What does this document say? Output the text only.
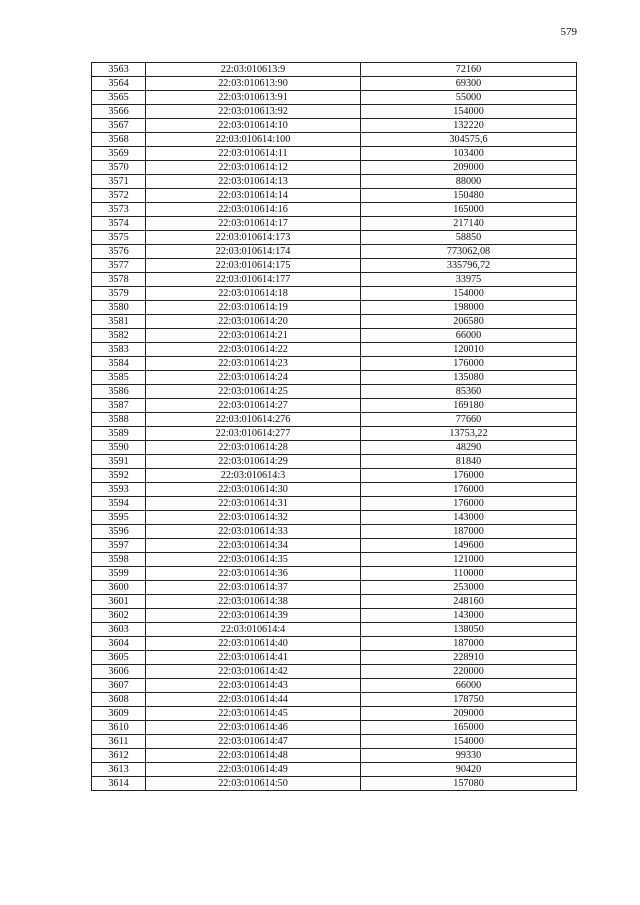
579
3563	22:03:010613:9	72160
3564	22:03:010613:90	69300
3565	22:03:010613:91	55000
3566	22:03:010613:92	154000
3567	22:03:010614:10	132220
3568	22:03:010614:100	304575,6
3569	22:03:010614:11	103400
3570	22:03:010614:12	209000
3571	22:03:010614:13	88000
3572	22:03:010614:14	150480
3573	22:03:010614:16	165000
3574	22:03:010614:17	217140
3575	22:03:010614:173	58850
3576	22:03:010614:174	773062,08
3577	22:03:010614:175	335796,72
3578	22:03:010614:177	33975
3579	22:03:010614:18	154000
3580	22:03:010614:19	198000
3581	22:03:010614:20	206580
3582	22:03:010614:21	66000
3583	22:03:010614:22	120010
3584	22:03:010614:23	176000
3585	22:03:010614:24	135080
3586	22:03:010614:25	85360
3587	22:03:010614:27	169180
3588	22:03:010614:276	77660
3589	22:03:010614:277	13753,22
3590	22:03:010614:28	48290
3591	22:03:010614:29	81840
3592	22:03:010614:3	176000
3593	22:03:010614:30	176000
3594	22:03:010614:31	176000
3595	22:03:010614:32	143000
3596	22:03:010614:33	187000
3597	22:03:010614:34	149600
3598	22:03:010614:35	121000
3599	22:03:010614:36	110000
3600	22:03:010614:37	253000
3601	22:03:010614:38	248160
3602	22:03:010614:39	143000
3603	22:03:010614:4	138050
3604	22:03:010614:40	187000
3605	22:03:010614:41	228910
3606	22:03:010614:42	220000
3607	22:03:010614:43	66000
3608	22:03:010614:44	178750
3609	22:03:010614:45	209000
3610	22:03:010614:46	165000
3611	22:03:010614:47	154000
3612	22:03:010614:48	99330
3613	22:03:010614:49	90420
3614	22:03:010614:50	157080
